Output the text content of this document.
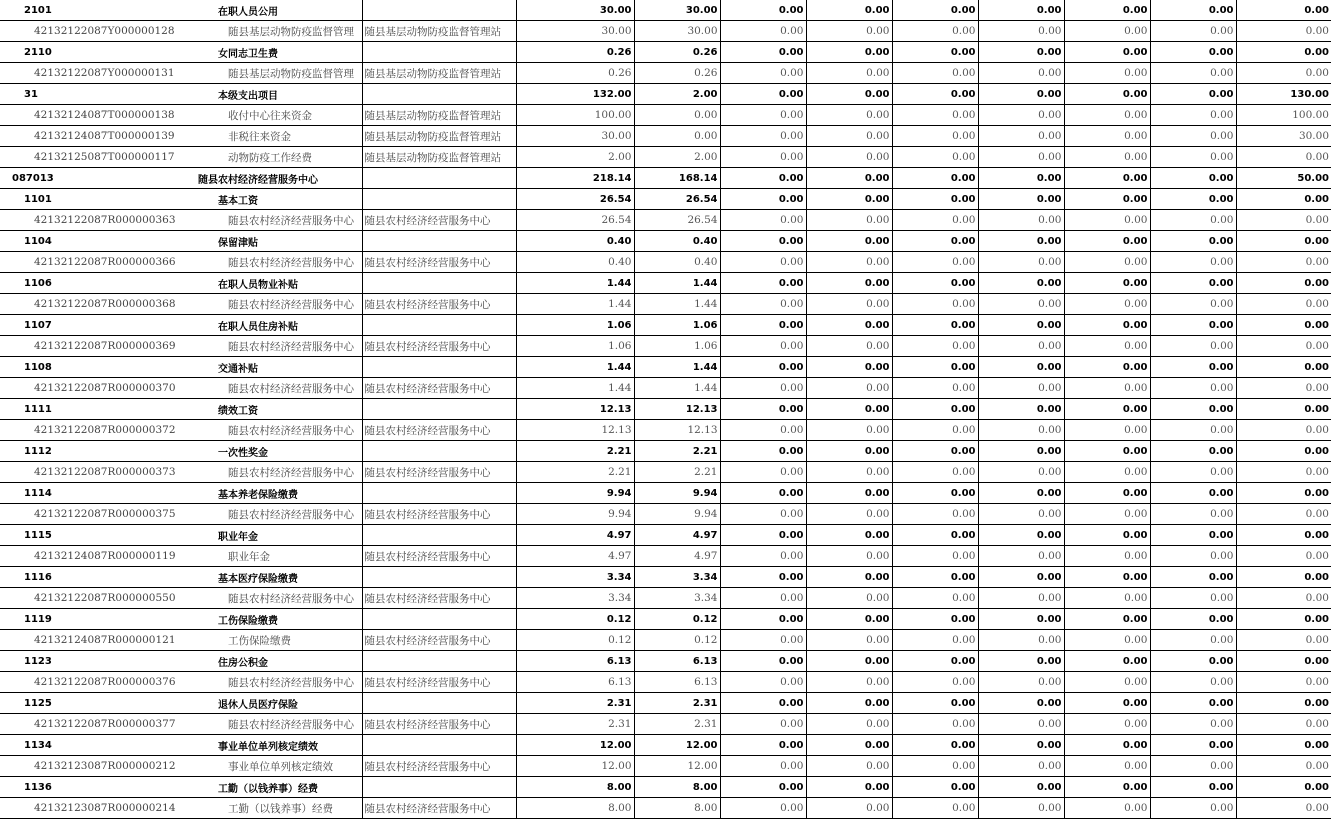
2101	在职人员公用		30.00	30.00	0.00	0.00	0.00	0.00	0.00	0.00	0.00
42132122087Y000000128	随县基层动物防疫监督管理	随县基层动物防疫监督管理站	30.00	30.00	0.00	0.00	0.00	0.00	0.00	0.00	0.00
2110	女同志卫生费		0.26	0.26	0.00	0.00	0.00	0.00	0.00	0.00	0.00
42132122087Y000000131	随县基层动物防疫监督管理	随县基层动物防疫监督管理站	0.26	0.26	0.00	0.00	0.00	0.00	0.00	0.00	0.00
31	本级支出项目		132.00	2.00	0.00	0.00	0.00	0.00	0.00	0.00	130.00
42132124087T000000138	收付中心往来资金	随县基层动物防疫监督管理站	100.00	0.00	0.00	0.00	0.00	0.00	0.00	0.00	100.00
42132124087T000000139	非税往来资金	随县基层动物防疫监督管理站	30.00	0.00	0.00	0.00	0.00	0.00	0.00	0.00	30.00
42132125087T000000117	动物防疫工作经费	随县基层动物防疫监督管理站	2.00	2.00	0.00	0.00	0.00	0.00	0.00	0.00	0.00
087013	随县农村经济经营服务中心		218.14	168.14	0.00	0.00	0.00	0.00	0.00	0.00	50.00
1101	基本工资		26.54	26.54	0.00	0.00	0.00	0.00	0.00	0.00	0.00
42132122087R000000363	随县农村经济经营服务中心	随县农村经济经营服务中心	26.54	26.54	0.00	0.00	0.00	0.00	0.00	0.00	0.00
1104	保留津贴		0.40	0.40	0.00	0.00	0.00	0.00	0.00	0.00	0.00
42132122087R000000366	随县农村经济经营服务中心	随县农村经济经营服务中心	0.40	0.40	0.00	0.00	0.00	0.00	0.00	0.00	0.00
1106	在职人员物业补贴		1.44	1.44	0.00	0.00	0.00	0.00	0.00	0.00	0.00
42132122087R000000368	随县农村经济经营服务中心	随县农村经济经营服务中心	1.44	1.44	0.00	0.00	0.00	0.00	0.00	0.00	0.00
1107	在职人员住房补贴		1.06	1.06	0.00	0.00	0.00	0.00	0.00	0.00	0.00
42132122087R000000369	随县农村经济经营服务中心	随县农村经济经营服务中心	1.06	1.06	0.00	0.00	0.00	0.00	0.00	0.00	0.00
1108	交通补贴		1.44	1.44	0.00	0.00	0.00	0.00	0.00	0.00	0.00
42132122087R000000370	随县农村经济经营服务中心	随县农村经济经营服务中心	1.44	1.44	0.00	0.00	0.00	0.00	0.00	0.00	0.00
1111	绩效工资		12.13	12.13	0.00	0.00	0.00	0.00	0.00	0.00	0.00
42132122087R000000372	随县农村经济经营服务中心	随县农村经济经营服务中心	12.13	12.13	0.00	0.00	0.00	0.00	0.00	0.00	0.00
1112	一次性奖金		2.21	2.21	0.00	0.00	0.00	0.00	0.00	0.00	0.00
42132122087R000000373	随县农村经济经营服务中心	随县农村经济经营服务中心	2.21	2.21	0.00	0.00	0.00	0.00	0.00	0.00	0.00
1114	基本养老保险缴费		9.94	9.94	0.00	0.00	0.00	0.00	0.00	0.00	0.00
42132122087R000000375	随县农村经济经营服务中心	随县农村经济经营服务中心	9.94	9.94	0.00	0.00	0.00	0.00	0.00	0.00	0.00
1115	职业年金		4.97	4.97	0.00	0.00	0.00	0.00	0.00	0.00	0.00
42132124087R000000119	职业年金	随县农村经济经营服务中心	4.97	4.97	0.00	0.00	0.00	0.00	0.00	0.00	0.00
1116	基本医疗保险缴费		3.34	3.34	0.00	0.00	0.00	0.00	0.00	0.00	0.00
42132122087R000000550	随县农村经济经营服务中心	随县农村经济经营服务中心	3.34	3.34	0.00	0.00	0.00	0.00	0.00	0.00	0.00
1119	工伤保险缴费		0.12	0.12	0.00	0.00	0.00	0.00	0.00	0.00	0.00
42132124087R000000121	工伤保险缴费	随县农村经济经营服务中心	0.12	0.12	0.00	0.00	0.00	0.00	0.00	0.00	0.00
1123	住房公积金		6.13	6.13	0.00	0.00	0.00	0.00	0.00	0.00	0.00
42132122087R000000376	随县农村经济经营服务中心	随县农村经济经营服务中心	6.13	6.13	0.00	0.00	0.00	0.00	0.00	0.00	0.00
1125	退休人员医疗保险		2.31	2.31	0.00	0.00	0.00	0.00	0.00	0.00	0.00
42132122087R000000377	随县农村经济经营服务中心	随县农村经济经营服务中心	2.31	2.31	0.00	0.00	0.00	0.00	0.00	0.00	0.00
1134	事业单位单列核定绩效		12.00	12.00	0.00	0.00	0.00	0.00	0.00	0.00	0.00
42132123087R000000212	事业单位单列核定绩效	随县农村经济经营服务中心	12.00	12.00	0.00	0.00	0.00	0.00	0.00	0.00	0.00
1136	工勤（以钱养事）经费		8.00	8.00	0.00	0.00	0.00	0.00	0.00	0.00	0.00
42132123087R000000214	工勤（以钱养事）经费	随县农村经济经营服务中心	8.00	8.00	0.00	0.00	0.00	0.00	0.00	0.00	0.00
